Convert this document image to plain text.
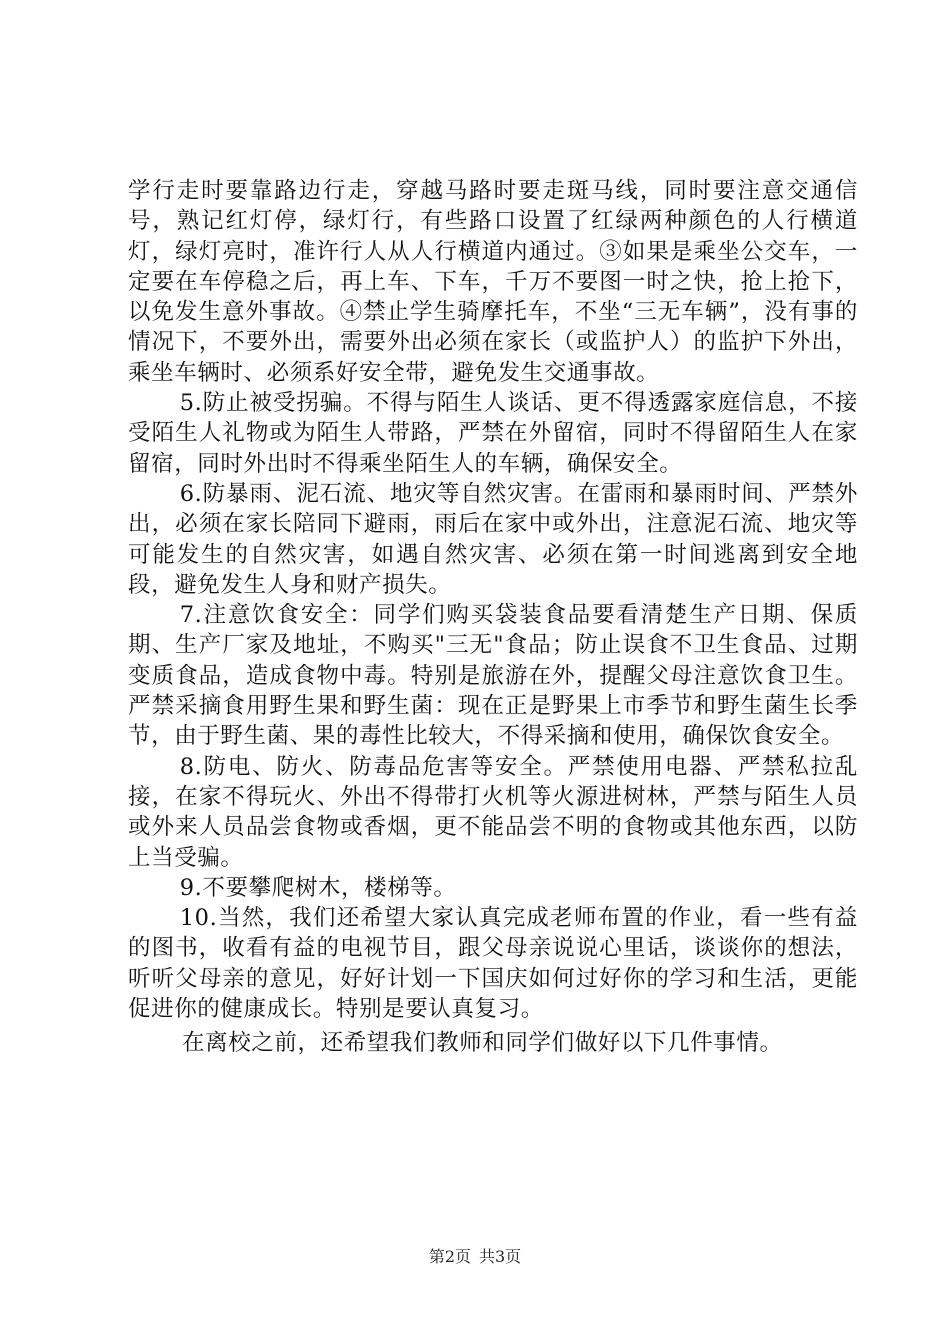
学行走时要靠路边行走，穿越马路时要走斑马线，同时要注意交通信号，熟记红灯停，绿灯行，有些路口设置了红绿两种颜色的人行横道灯，绿灯亮时，准许行人从人行横道内通过。③如果是乘坐公交车，一定要在车停稳之后，再上车、下车，千万不要图一时之快，抢上抢下，以免发生意外事故。④禁止学生骑摩托车，不坐“三无车辆”，没有事的情况下，不要外出，需要外出必须在家长（或监护人）的监护下外出，乘坐车辆时、必须系好安全带，避免发生交通事故。

5.防止被受拐骗。不得与陌生人谈话、更不得透露家庭信息，不接受陌生人礼物或为陌生人带路，严禁在外留宿，同时不得留陌生人在家留宿，同时外出时不得乘坐陌生人的车辆，确保安全。

6.防暴雨、泥石流、地灾等自然灾害。在雷雨和暴雨时间、严禁外出，必须在家长陪同下避雨，雨后在家中或外出，注意泥石流、地灾等可能发生的自然灾害，如遇自然灾害、必须在第一时间逃离到安全地段，避免发生人身和财产损失。

7.注意饮食安全：同学们购买袋装食品要看清楚生产日期、保质期、生产厂家及地址，不购买"三无"食品；防止误食不卫生食品、过期变质食品，造成食物中毒。特别是旅游在外，提醒父母注意饮食卫生。严禁采摘食用野生果和野生菌：现在正是野果上市季节和野生菌生长季节，由于野生菌、果的毒性比较大，不得采摘和使用，确保饮食安全。

8.防电、防火、防毒品危害等安全。严禁使用电器、严禁私拉乱接，在家不得玩火、外出不得带打火机等火源进树林，严禁与陌生人员或外来人员品尝食物或香烟，更不能品尝不明的食物或其他东西，以防上当受骗。

9.不要攀爬树木，楼梯等。

10.当然，我们还希望大家认真完成老师布置的作业，看一些有益的图书，收看有益的电视节目，跟父母亲说说心里话，谈谈你的想法，听听父母亲的意见，好好计划一下国庆如何过好你的学习和生活，更能促进你的健康成长。特别是要认真复习。

在离校之前，还希望我们教师和同学们做好以下几件事情。

第2页 共3页
